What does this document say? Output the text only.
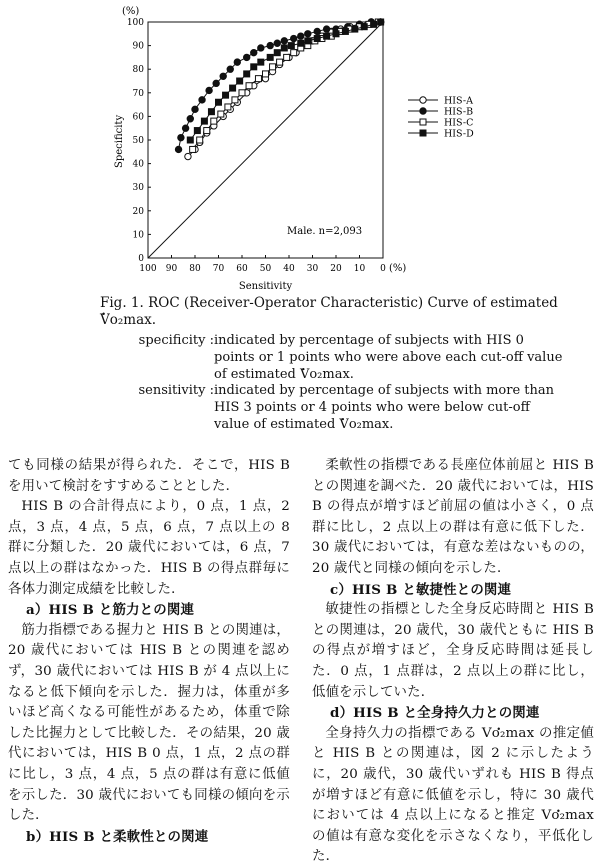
100 90 80 70 60 50 40 30 20 10 0
0
10
20
30
40
50
60
70
80
90
100
(%)
(%)
Sensitivity
Specificity
Male. n=2,093
HIS-A
HIS-B
HIS-C
HIS-D
Fig. 1. ROC (Receiver-Operator Characteristic) Curve of estimated
V •o₂max.
specificity :indicated by percentage of subjects with HIS 0 points or 1 points who were above each cut-off value of estimated V •o₂max.
sensitivity :indicated by percentage of subjects with more than HIS 3 points or 4 points who were below cut-off value of estimated V •o₂max.

ても同様の結果が得られた．そこで，HIS B を用いて検討をすすめることとした．

HIS B の合計得点により，0 点，1 点，2 点，3 点，4 点，5 点，6 点，7 点以上の 8 群に分類した．20 歳代においては，6 点，7 点以上の群はなかった．HIS B の得点群毎に各体力測定成績を比較した．

a）HIS B と筋力との関連

筋力指標である握力と HIS B との関連は，20 歳代においては HIS B との関連を認めず，30 歳代においては HIS B が 4 点以上になると低下傾向を示した．握力は，体重が多いほど高くなる可能性があるため，体重で除した比握力として比較した．その結果，20 歳代においては，HIS B 0 点，1 点，2 点の群に比し，3 点，4 点，5 点の群は有意に低値を示した．30 歳代においても同様の傾向を示した．

b）HIS B と柔軟性との関連

柔軟性の指標である長座位体前屈と HIS B との関連を調べた．20 歳代においては，HIS B の得点が増すほど前屈の値は小さく，0 点群に比し，2 点以上の群は有意に低下した．30 歳代においては，有意な差はないものの，20 歳代と同様の傾向を示した．

c）HIS B と敏捷性との関連

敏捷性の指標とした全身反応時間と HIS B との関連は，20 歳代，30 歳代ともに HIS B の得点が増すほど，全身反応時間は延長した．0 点，1 点群は，2 点以上の群に比し，低値を示していた．

d）HIS B と全身持久力との関連

全身持久力の指標である V •o₂max の推定値と HIS B との関連は，図 2 に示したように，20 歳代，30 歳代いずれも HIS B 得点が増すほど有意に低値を示し，特に 30 歳代においては 4 点以上になると推定 V •o₂max の値は有意な変化を示さなくなり，平低化した．
